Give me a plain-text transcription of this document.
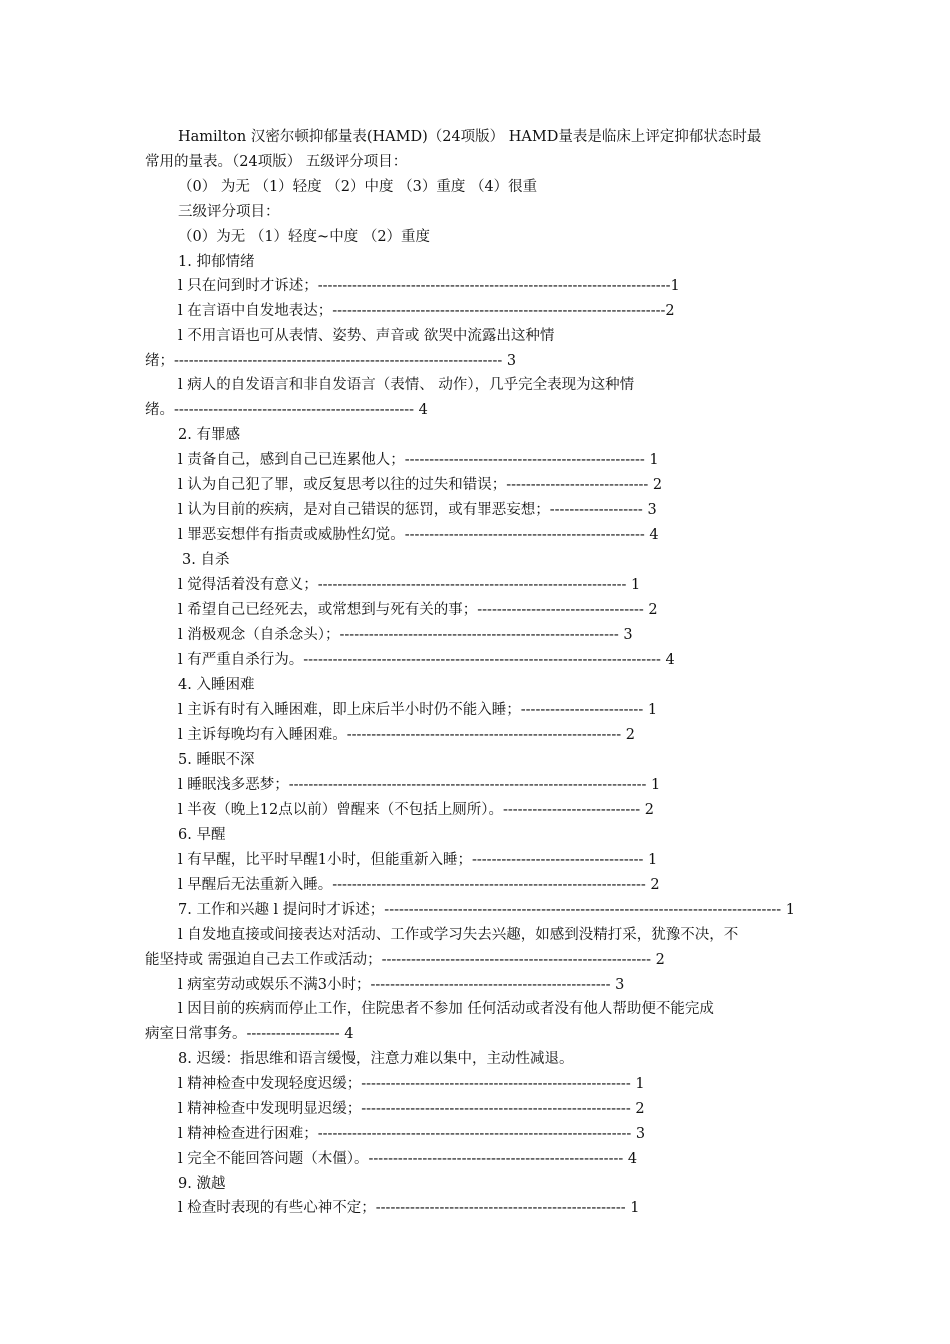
Hamilton 汉密尔顿抑郁量表(HAMD)（24项版） HAMD量表是临床上评定抑郁状态时最
常用的量表。（24项版） 五级评分项目：
（0） 为无 （1）轻度 （2）中度 （3）重度 （4）很重
三级评分项目：
（0）为无 （1）轻度~中度 （2）重度
1. 抑郁情绪
l 只在问到时才诉述；------------------------------------------------------------------------1
l 在言语中自发地表达；--------------------------------------------------------------------2
l 不用言语也可从表情、姿势、声音或 欲哭中流露出这种情
绪；------------------------------------------------------------------- 3
l 病人的自发语言和非自发语言（表情、 动作），几乎完全表现为这种情
绪。------------------------------------------------- 4
2. 有罪感
l 责备自己，感到自己已连累他人；------------------------------------------------- 1
l 认为自己犯了罪，或反复思考以往的过失和错误；----------------------------- 2
l 认为目前的疾病，是对自己错误的惩罚，或有罪恶妄想；------------------- 3
l 罪恶妄想伴有指责或威胁性幻觉。------------------------------------------------- 4
3. 自杀
l 觉得活着没有意义；--------------------------------------------------------------- 1
l 希望自己已经死去，或常想到与死有关的事；---------------------------------- 2
l 消极观念（自杀念头）；--------------------------------------------------------- 3
l 有严重自杀行为。------------------------------------------------------------------------- 4
4. 入睡困难
l 主诉有时有入睡困难，即上床后半小时仍不能入睡；------------------------- 1
l 主诉每晚均有入睡困难。-------------------------------------------------------- 2
5. 睡眠不深
l 睡眠浅多恶梦；------------------------------------------------------------------------- 1
l 半夜（晚上12点以前）曾醒来（不包括上厕所）。---------------------------- 2
6. 早醒
l 有早醒，比平时早醒1小时，但能重新入睡；----------------------------------- 1
l 早醒后无法重新入睡。---------------------------------------------------------------- 2
7. 工作和兴趣 l 提问时才诉述；--------------------------------------------------------------------------------- 1
l 自发地直接或间接表达对活动、工作或学习失去兴趣，如感到没精打采，犹豫不决，不
能坚持或 需强迫自己去工作或活动；------------------------------------------------------- 2
l 病室劳动或娱乐不满3小时；------------------------------------------------- 3
l 因目前的疾病而停止工作，住院患者不参加 任何活动或者没有他人帮助便不能完成
病室日常事务。------------------- 4
8. 迟缓：指思维和语言缓慢，注意力难以集中，主动性减退。
l 精神检查中发现轻度迟缓；------------------------------------------------------- 1
l 精神检查中发现明显迟缓；------------------------------------------------------- 2
l 精神检查进行困难；---------------------------------------------------------------- 3
l 完全不能回答问题（木僵）。---------------------------------------------------- 4
9. 激越
l 检查时表现的有些心神不定；--------------------------------------------------- 1
